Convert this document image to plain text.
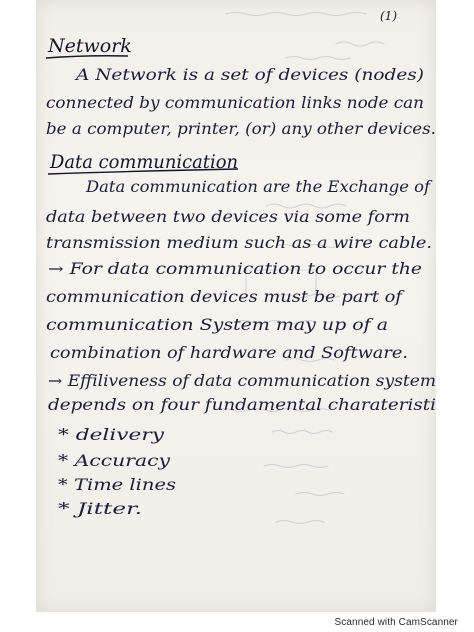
(1)
Network
A Network is a set of devices (nodes)
connected by communication links node can
be a computer, printer, (or) any other devices.
Data communication
Data communication are the Exchange of
data between two devices via some form
transmission medium such as a wire cable.
→ For data communication to occur the
communication devices must be part of
communication System may up of a
combination of hardware and Software.
→ Effiliveness of data communication system
depends on four fundamental charateristi
* delivery
* Accuracy
* Time lines
* Jitter.
Scanned with CamScanner
